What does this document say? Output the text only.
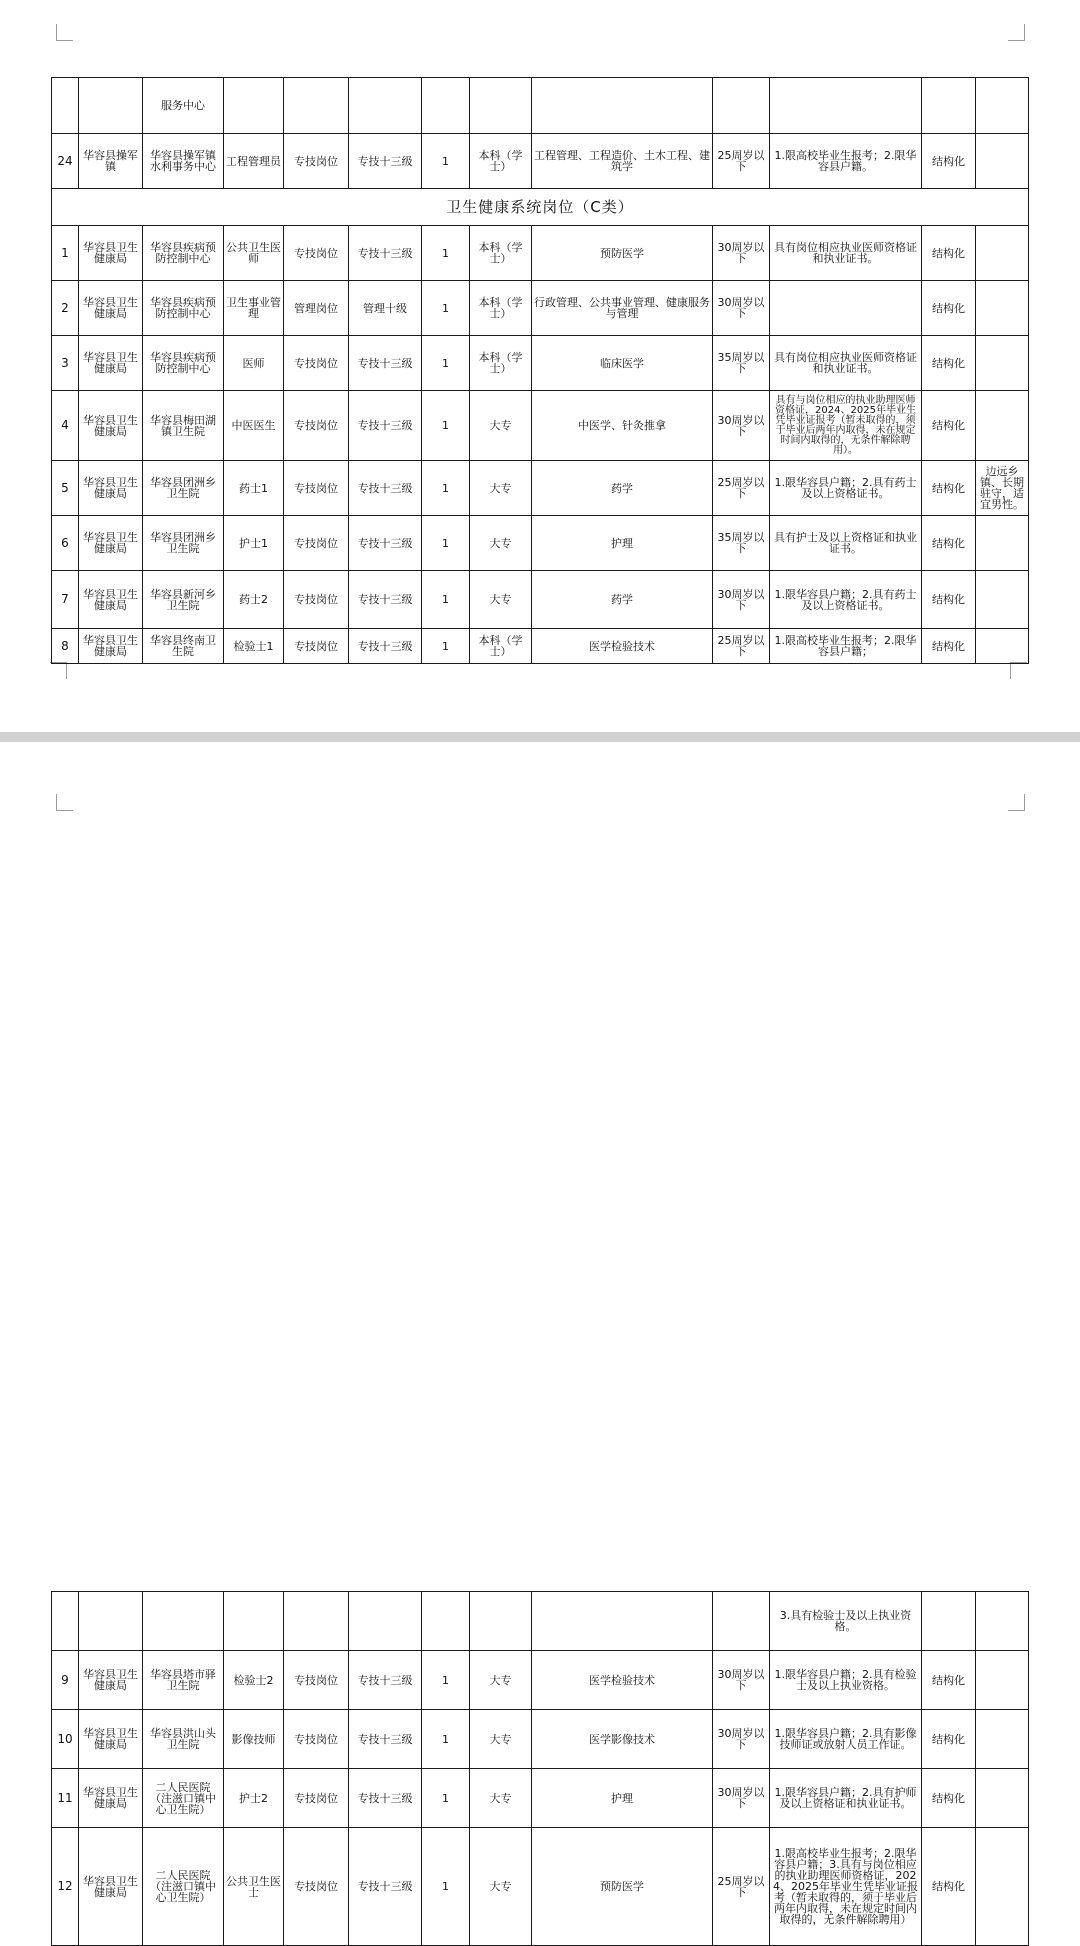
		服务中心										
24	华容县操军镇	华容县操军镇水利事务中心	工程管理员	专技岗位	专技十三级	1	本科（学士）	工程管理、工程造价、土木工程、建筑学	25周岁以下	1.限高校毕业生报考；2.限华容县户籍。	结构化	
卫生健康系统岗位（C类）												
1	华容县卫生健康局	华容县疾病预防控制中心	公共卫生医师	专技岗位	专技十三级	1	本科（学士）	预防医学	30周岁以下	具有岗位相应执业医师资格证和执业证书。	结构化	
2	华容县卫生健康局	华容县疾病预防控制中心	卫生事业管理	管理岗位	管理十级	1	本科（学士）	行政管理、公共事业管理、健康服务与管理	30周岁以下		结构化	
3	华容县卫生健康局	华容县疾病预防控制中心	医师	专技岗位	专技十三级	1	本科（学士）	临床医学	35周岁以下	具有岗位相应执业医师资格证和执业证书。	结构化	
4	华容县卫生健康局	华容县梅田湖镇卫生院	中医医生	专技岗位	专技十三级	1	大专	中医学、针灸推拿	30周岁以下	具有与岗位相应的执业助理医师资格证，2024、2025年毕业生凭毕业证报考（暂未取得的，须于毕业后两年内取得，未在规定时间内取得的，无条件解除聘用）。	结构化	
5	华容县卫生健康局	华容县团洲乡卫生院	药士1	专技岗位	专技十三级	1	大专	药学	25周岁以下	1.限华容县户籍；2.具有药士及以上资格证书。	结构化	边远乡镇、长期驻守，适宜男性。
6	华容县卫生健康局	华容县团洲乡卫生院	护士1	专技岗位	专技十三级	1	大专	护理	35周岁以下	具有护士及以上资格证和执业证书。	结构化	
7	华容县卫生健康局	华容县新河乡卫生院	药士2	专技岗位	专技十三级	1	大专	药学	30周岁以下	1.限华容县户籍；2.具有药士及以上资格证书。	结构化	
8	华容县卫生健康局	华容县终南卫生院	检验士1	专技岗位	专技十三级	1	本科（学士）	医学检验技术	25周岁以下	1.限高校毕业生报考；2.限华容县户籍；	结构化	
										3.具有检验士及以上执业资格。		
9	华容县卫生健康局	华容县塔市驿卫生院	检验士2	专技岗位	专技十三级	1	大专	医学检验技术	30周岁以下	1.限华容县户籍；2.具有检验士及以上执业资格。	结构化	
10	华容县卫生健康局	华容县洪山头卫生院	影像技师	专技岗位	专技十三级	1	大专	医学影像技术	30周岁以下	1.限华容县户籍；2.具有影像技师证或放射人员工作证。	结构化	
11	华容县卫生健康局	二人民医院（注滋口镇中心卫生院）	护士2	专技岗位	专技十三级	1	大专	护理	30周岁以下	1.限华容县户籍；2.具有护师及以上资格证和执业证书。	结构化	
12	华容县卫生健康局	二人民医院（注滋口镇中心卫生院）	公共卫生医士	专技岗位	专技十三级	1	大专	预防医学	25周岁以下	1.限高校毕业生报考；2.限华容县户籍；3.具有与岗位相应的执业助理医师资格证，2024、2025年毕业生凭毕业证报考（暂未取得的，须于毕业后两年内取得，未在规定时间内取得的，无条件解除聘用）	结构化	
